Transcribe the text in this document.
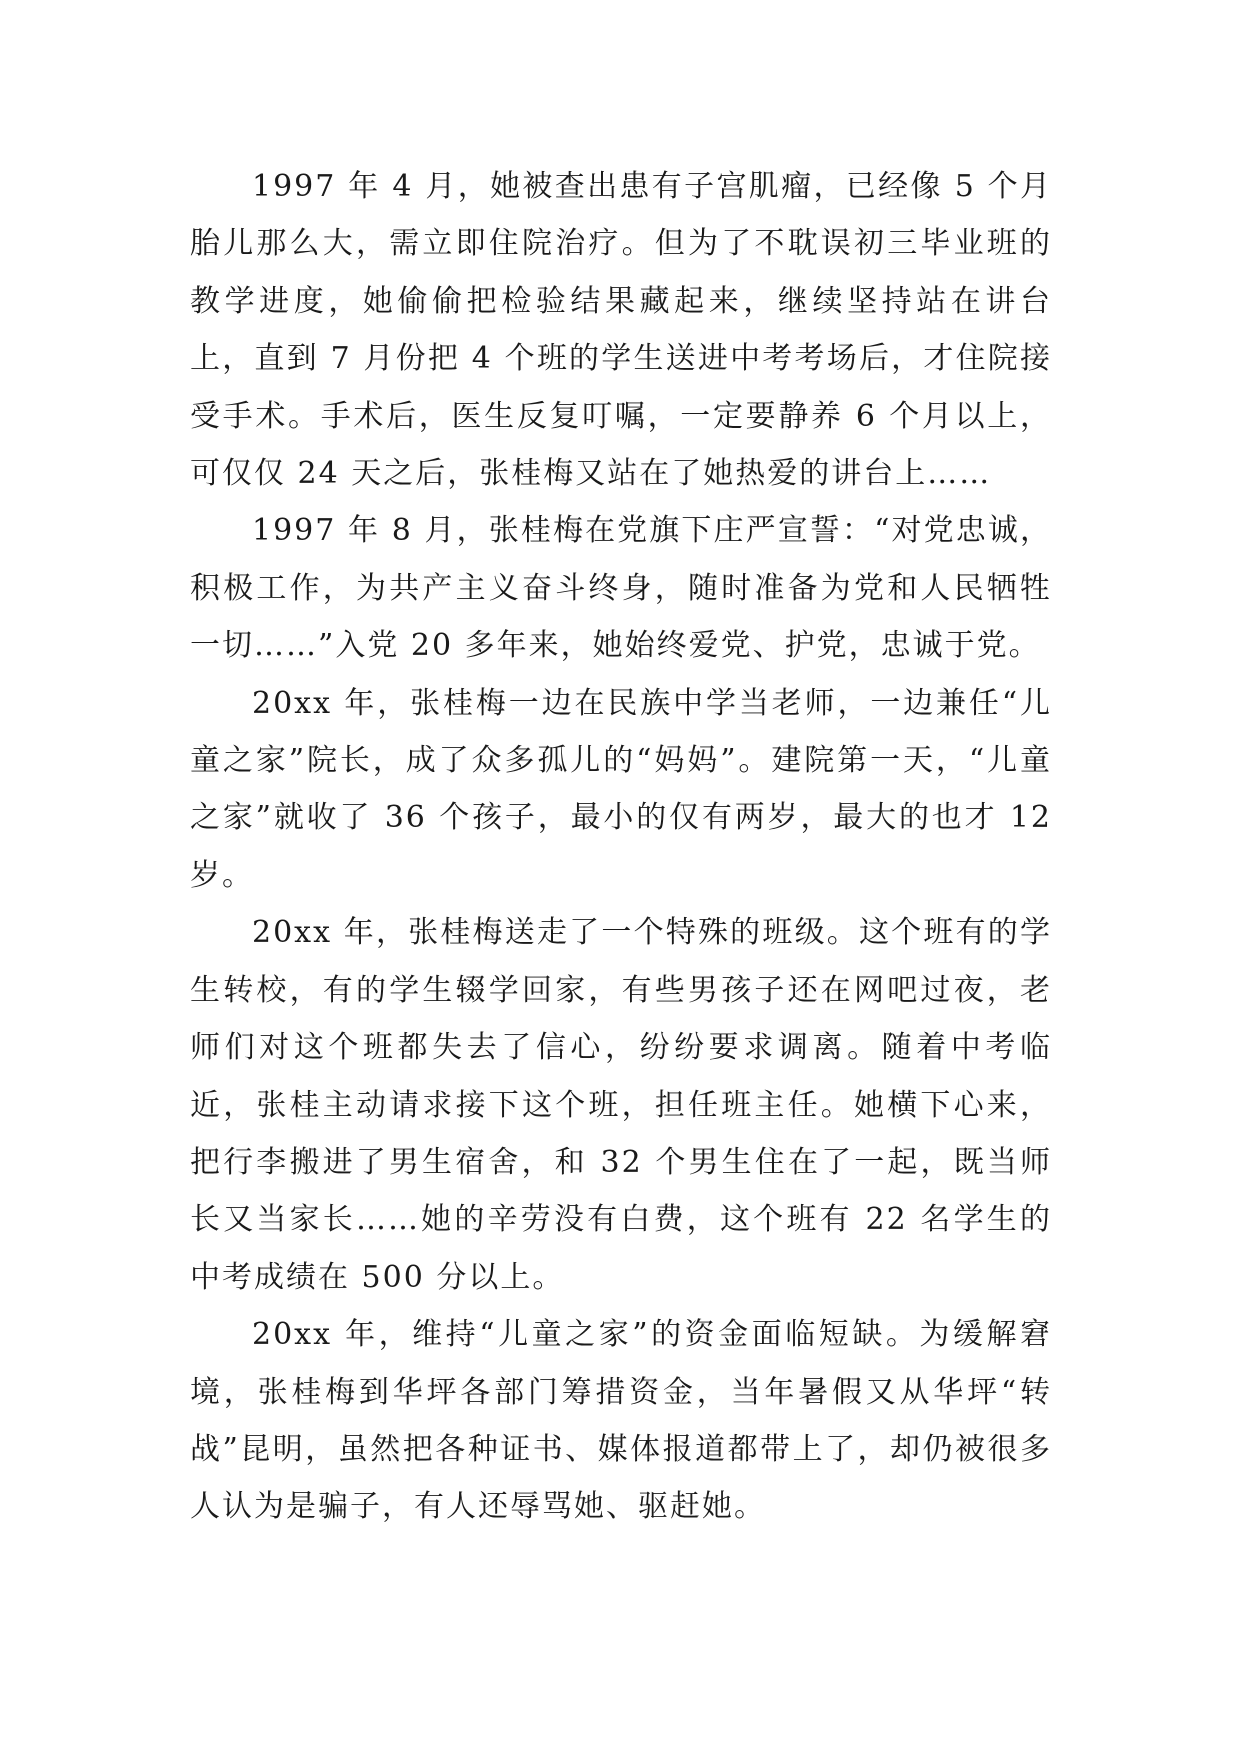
1997 年 4 月，她被查出患有子宫肌瘤，已经像 5 个月胎儿那么大，需立即住院治疗。但为了不耽误初三毕业班的教学进度，她偷偷把检验结果藏起来，继续坚持站在讲台上，直到 7 月份把 4 个班的学生送进中考考场后，才住院接受手术。手术后，医生反复叮嘱，一定要静养 6 个月以上，可仅仅 24 天之后，张桂梅又站在了她热爱的讲台上……

1997 年 8 月，张桂梅在党旗下庄严宣誓：“对党忠诚，积极工作，为共产主义奋斗终身，随时准备为党和人民牺牲一切……”入党 20 多年来，她始终爱党、护党，忠诚于党。

20xx 年，张桂梅一边在民族中学当老师，一边兼任“儿童之家”院长，成了众多孤儿的“妈妈”。建院第一天，“儿童之家”就收了 36 个孩子，最小的仅有两岁，最大的也才 12 岁。

20xx 年，张桂梅送走了一个特殊的班级。这个班有的学生转校，有的学生辍学回家，有些男孩子还在网吧过夜，老师们对这个班都失去了信心，纷纷要求调离。随着中考临近，张桂主动请求接下这个班，担任班主任。她横下心来，把行李搬进了男生宿舍，和 32 个男生住在了一起，既当师长又当家长……她的辛劳没有白费，这个班有 22 名学生的中考成绩在 500 分以上。

20xx 年，维持“儿童之家”的资金面临短缺。为缓解窘境，张桂梅到华坪各部门筹措资金，当年暑假又从华坪“转战”昆明，虽然把各种证书、媒体报道都带上了，却仍被很多人认为是骗子，有人还辱骂她、驱赶她。
